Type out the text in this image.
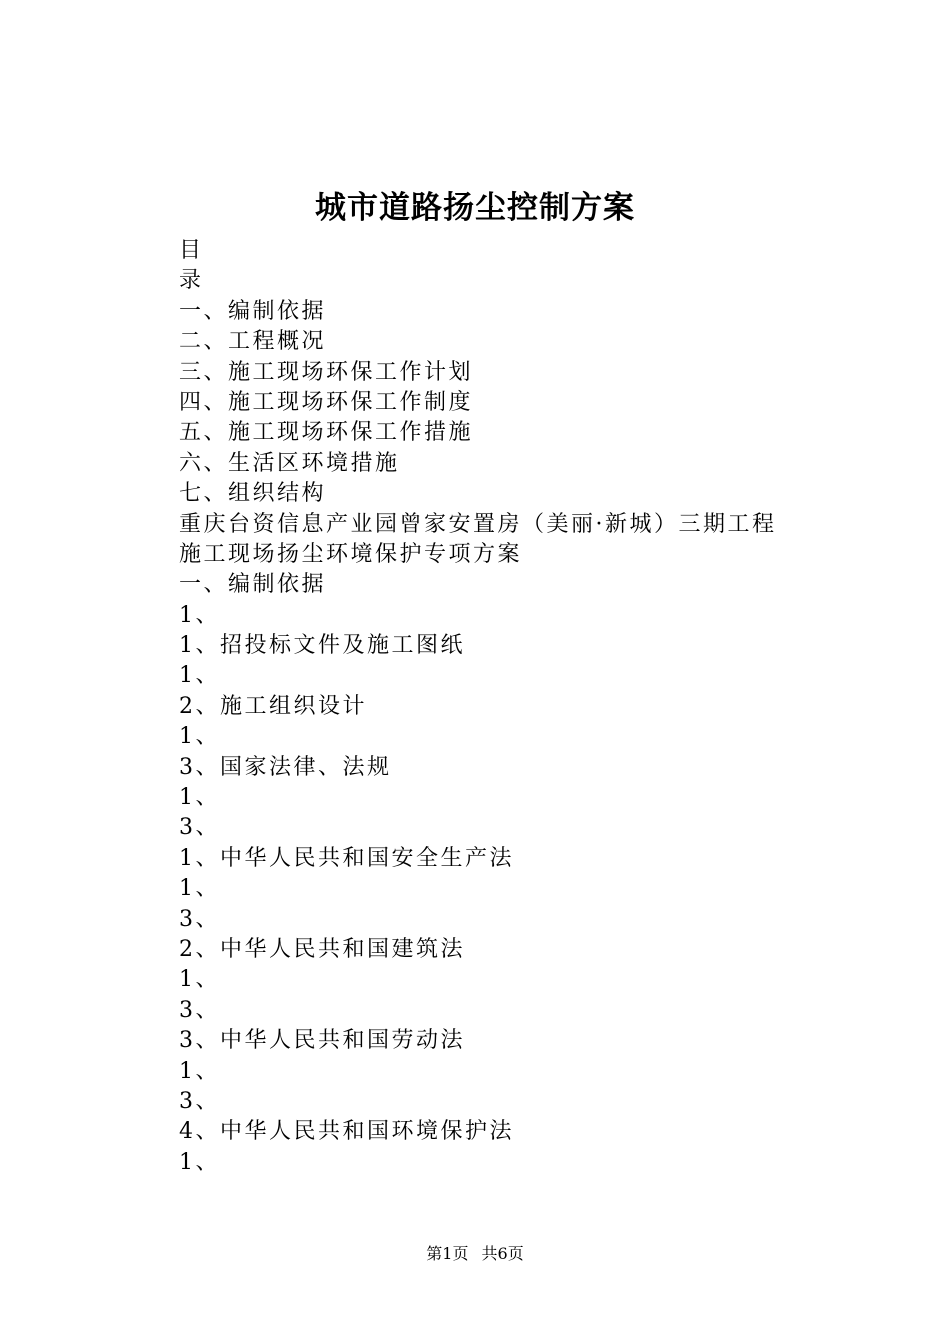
城市道路扬尘控制方案
目
录
一、编制依据
二、工程概况
三、施工现场环保工作计划
四、施工现场环保工作制度
五、施工现场环保工作措施
六、生活区环境措施
七、组织结构
重庆台资信息产业园曾家安置房（美丽·新城）三期工程
施工现场扬尘环境保护专项方案
一、编制依据
1、
1、招投标文件及施工图纸
1、
2、施工组织设计
1、
3、国家法律、法规
1、
3、
1、中华人民共和国安全生产法
1、
3、
2、中华人民共和国建筑法
1、
3、
3、中华人民共和国劳动法
1、
3、
4、中华人民共和国环境保护法
1、
第1页 共6页
